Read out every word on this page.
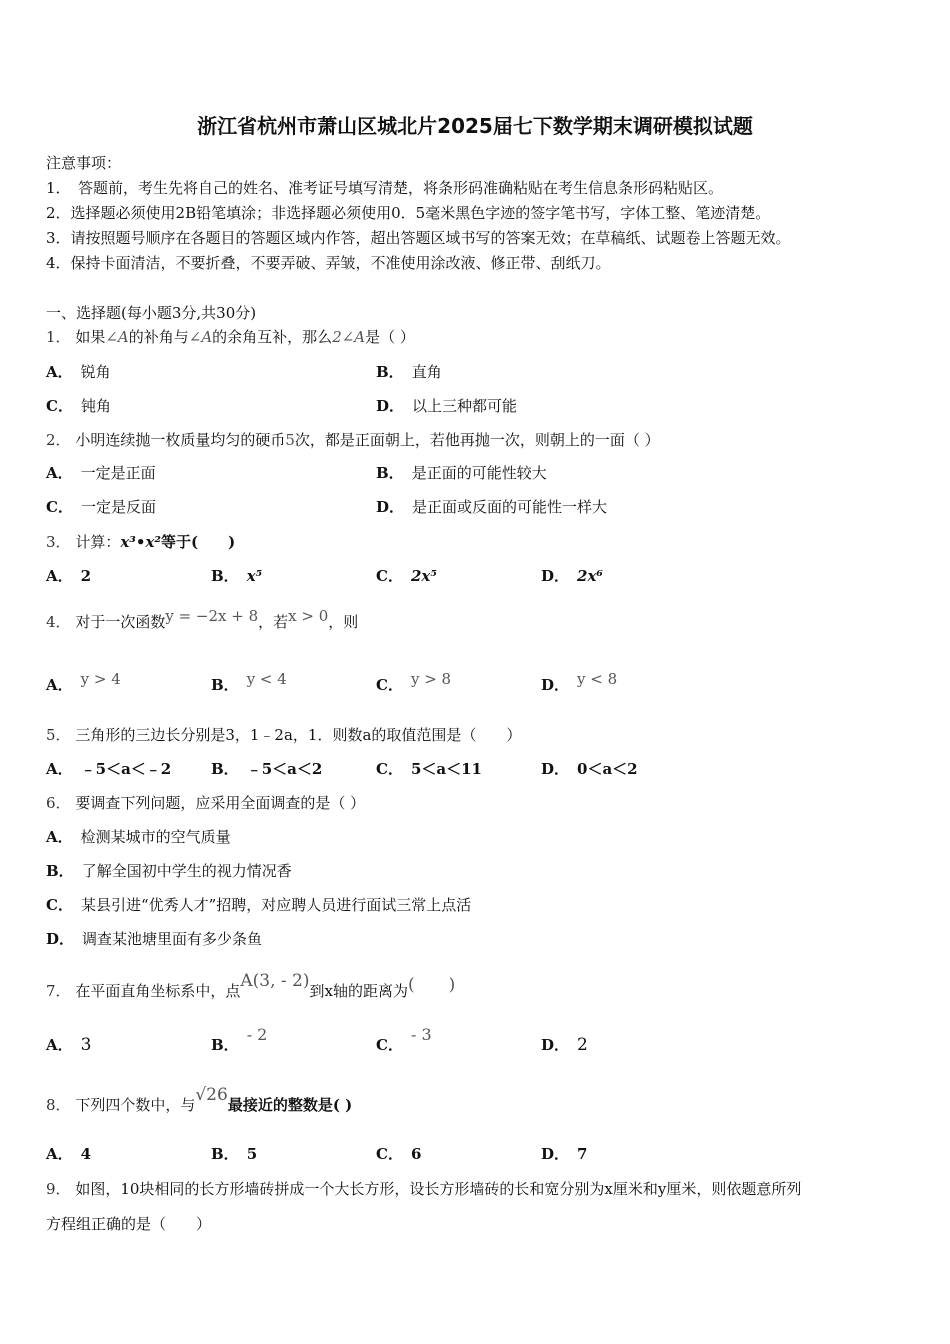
浙江省杭州市萧山区城北片2025届七下数学期末调研模拟试题
注意事项：
1．　答题前，考生先将自己的姓名、准考证号填写清楚，将条形码准确粘贴在考生信息条形码粘贴区。
2．选择题必须使用2B铅笔填涂；非选择题必须使用0．5毫米黑色字迹的签字笔书写，字体工整、笔迹清楚。
3．请按照题号顺序在各题目的答题区域内作答，超出答题区域书写的答案无效；在草稿纸、试题卷上答题无效。
4．保持卡面清洁，不要折叠，不要弄破、弄皱，不准使用涂改液、修正带、刮纸刀。
一、选择题(每小题3分,共30分)
1． 如果∠A的补角与∠A的余角互补，那么2∠A是（ ）
A． 锐角	B． 直角
C． 钝角	D． 以上三种都可能
2． 小明连续抛一枚质量均匀的硬币5次，都是正面朝上，若他再抛一次，则朝上的一面（ ）
A． 一定是正面	B． 是正面的可能性较大
C． 一定是反面	D． 是正面或反面的可能性一样大
3． 计算：x³•x²等于(　　)
A． 2	B． x⁵	C． 2x⁵	D． 2x⁶
4． 对于一次函数y = −2x + 8，若x > 0，则
A． y > 4	B． y < 4	C． y > 8	D． y < 8
5． 三角形的三边长分别是3，1﹣2a，1．则数a的取值范围是（　　）
A． ﹣5＜a＜﹣2	B． ﹣5＜a＜2	C． 5＜a＜11	D． 0＜a＜2
6． 要调查下列问题，应采用全面调查的是（ ）
A． 检测某城市的空气质量
B． 了解全国初中学生的视力情况香
C． 某县引进“优秀人才”招聘，对应聘人员进行面试三常上点活
D． 调查某池塘里面有多少条鱼
7． 在平面直角坐标系中，点A(3, - 2)到x轴的距离为(　　)
A． 3	B．- 2
C．- 3
D． 2
8． 下列四个数中，与√26最接近的整数是( )
A． 4	B． 5	C． 6	D． 7
9． 如图，10块相同的长方形墙砖拼成一个大长方形，设长方形墙砖的长和宽分别为x厘米和y厘米，则依题意所列
方程组正确的是（　　）
